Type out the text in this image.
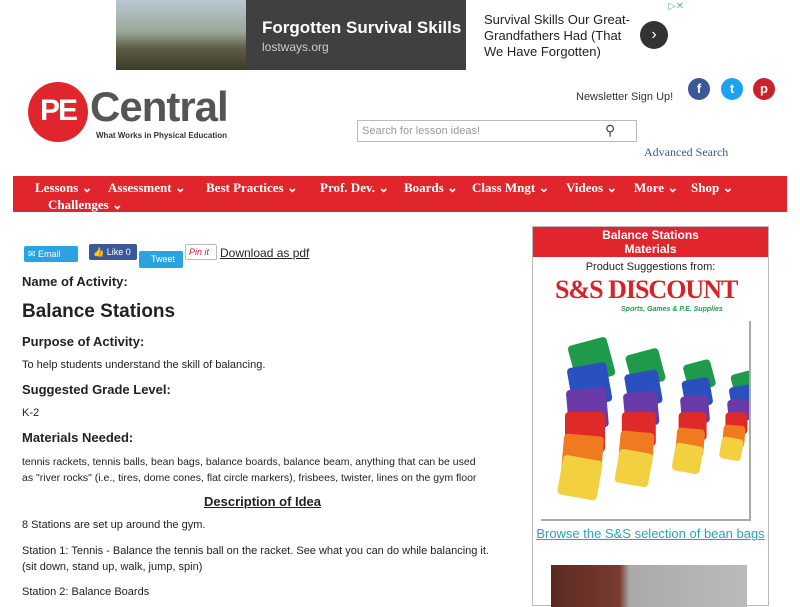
Forgotten Survival Skills
lostways.org
Survival Skills Our Great-Grandfathers Had (That We Have Forgotten)
›
▷✕
PE Central
What Works in Physical Education
Newsletter Sign Up!
f	t	p
Search for lesson ideas!	⚲
Advanced Search
Lessons ⌄ Assessment ⌄ Best Practices ⌄ Prof. Dev. ⌄ Boards ⌄ Class Mngt ⌄ Videos ⌄ More ⌄ Shop ⌄
Challenges ⌄
✉ Email	👍 Like 0
Tweet
Pin it Download as pdf
Name of Activity:
Balance Stations
Purpose of Activity:
To help students understand the skill of balancing.
Suggested Grade Level:
K-2
Materials Needed:
tennis rackets, tennis balls, bean bags, balance boards, balance beam, anything that can be used
as "river rocks" (i.e., tires, dome cones, flat circle markers), frisbees, twister, lines on the gym floor
Description of Idea
8 Stations are set up around the gym.
Station 1: Tennis - Balance the tennis ball on the racket. See what you can do while balancing it.
(sit down, stand up, walk, jump, spin)
Station 2: Balance Boards
Balance Stations
Materials
Product Suggestions from:
S&S DISCOUNT
Sports, Games & P.E. Supplies
Browse the S&S selection of bean bags
